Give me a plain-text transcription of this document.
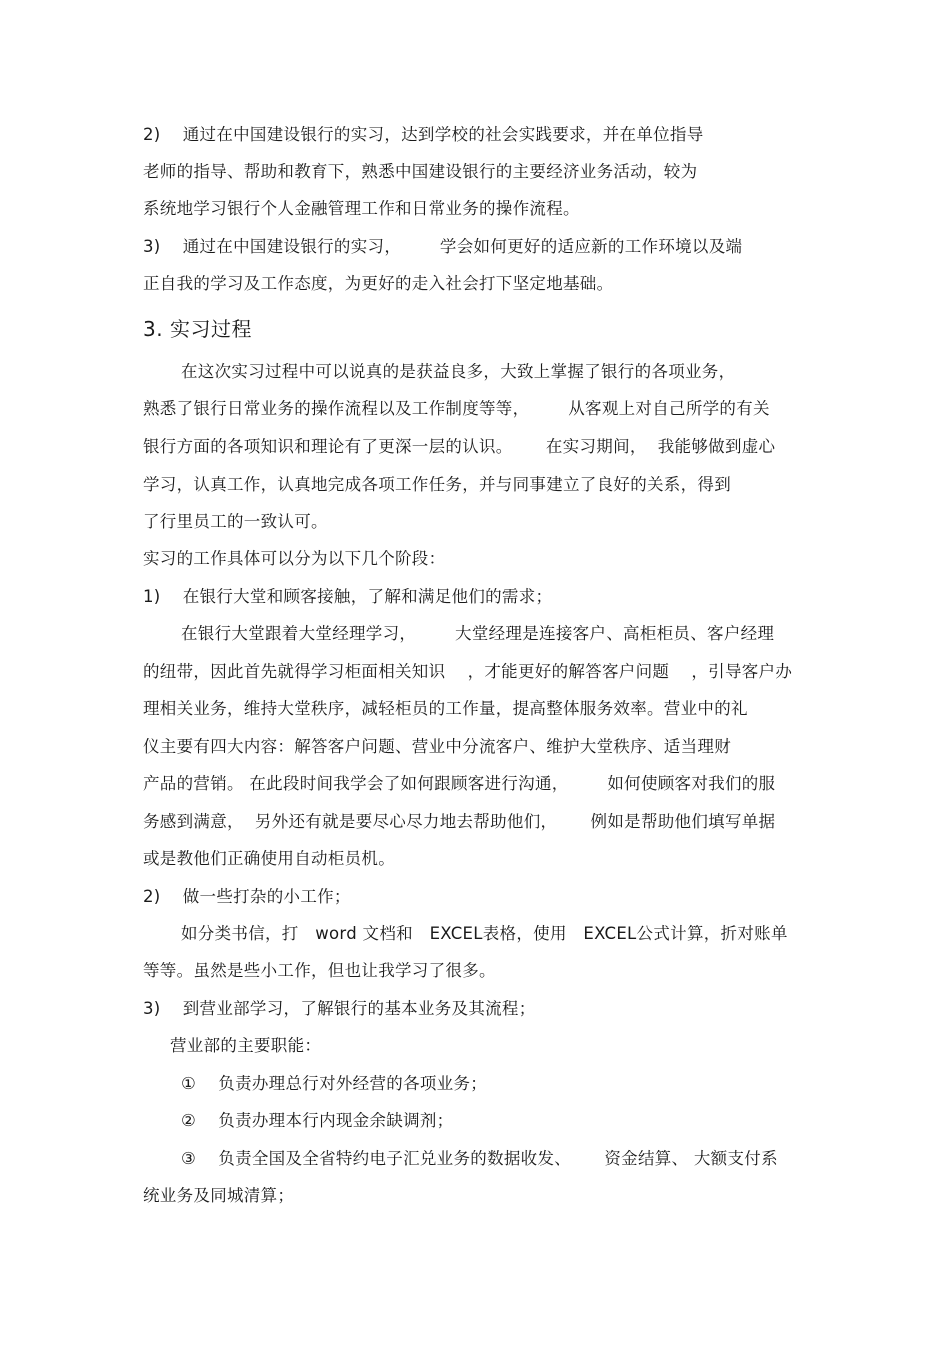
2)    通过在中国建设银行的实习，达到学校的社会实践要求，并在单位指导
老师的指导、帮助和教育下，熟悉中国建设银行的主要经济业务活动，较为
系统地学习银行个人金融管理工作和日常业务的操作流程。
3)    通过在中国建设银行的实习，       学会如何更好的适应新的工作环境以及端
正自我的学习及工作态度，为更好的走入社会打下坚定地基础。
3. 实习过程
在这次实习过程中可以说真的是获益良多，大致上掌握了银行的各项业务，
熟悉了银行日常业务的操作流程以及工作制度等等，       从客观上对自己所学的有关
银行方面的各项知识和理论有了更深一层的认识。      在实习期间，  我能够做到虚心
学习，认真工作，认真地完成各项工作任务，并与同事建立了良好的关系，得到
了行里员工的一致认可。
实习的工作具体可以分为以下几个阶段：
1)    在银行大堂和顾客接触，了解和满足他们的需求；
在银行大堂跟着大堂经理学习，       大堂经理是连接客户、高柜柜员、客户经理
的纽带，因此首先就得学习柜面相关知识    ，才能更好的解答客户问题    ，引导客户办
理相关业务，维持大堂秩序，减轻柜员的工作量，提高整体服务效率。营业中的礼
仪主要有四大内容：解答客户问题、营业中分流客户、维护大堂秩序、适当理财
产品的营销。 在此段时间我学会了如何跟顾客进行沟通，       如何使顾客对我们的服
务感到满意，  另外还有就是要尽心尽力地去帮助他们，      例如是帮助他们填写单据
或是教他们正确使用自动柜员机。
2)    做一些打杂的小工作；
如分类书信，打   word 文档和   EXCEL表格，使用   EXCEL公式计算，折对账单
等等。虽然是些小工作，但也让我学习了很多。
3)    到营业部学习，了解银行的基本业务及其流程；
营业部的主要职能：
①    负责办理总行对外经营的各项业务；
②    负责办理本行内现金余缺调剂；
③    负责全国及全省特约电子汇兑业务的数据收发、      资金结算、 大额支付系
统业务及同城清算；
